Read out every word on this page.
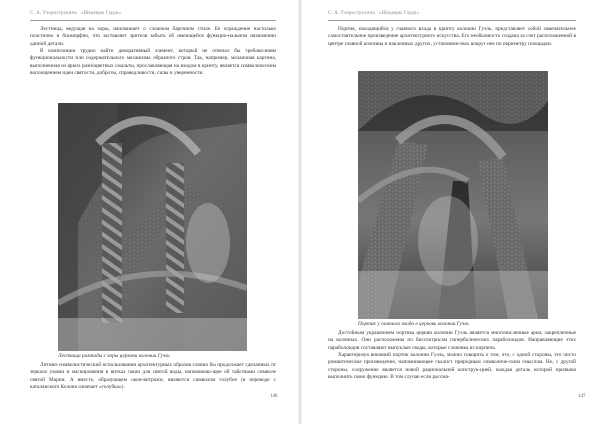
С. А. Уэорострукинъ «Шедевры Гауди»

Лестница, ведущая на хоры, напоминает о сложном барочном стиле. Ее ограждение настолько пластично и биоморфно, что заставляет зрителя забыть об имеющейся функцио-нальном назначении данной детали.

В композиции трудно найти декоративный элемент, который не отвечал бы требова-ниям функциональности или содержательного механизма образного строя. Так, например, мозаичная картина, выполненная из ярких разноцветных смальты, прославляющая на входом в крипту, является символическим воплощением идеи святости, доброты, справедливости, силы и уверенности.

Лестница рампиды с хоры церкови колонии Гуэль

Литино-символистический использовании архитектурных образов словно бы продолжает сделанных от зеркало умами и маскирования в витках чаши для святой воды, напоминаю-щие об тайствами символе святой Марии. А вместе, образующем окон-витражи, являются символом голубое (в переводе с каталанского Колона означает «голубка»).

146
С. А. Уэорострукинъ «Шедевры Гауди»

Портик, находящийся у главного входа в крипту колонии Гуэль, представляет собой замечательное самостоятельное произведение архитектурного искусства. Его необычность создана за счет расположенной в центре главной колонны и наклонных других, установлен-ных вокруг нее по периметру площадки.

Портик у главного входа в церковь колонии Гуэль

Достойным украшением портика церкви колонии Гуэль является многочисленные арки, закрепленные на колоннах. Они расположены по биссектрисам гиперболических параболоидов. Направляющие этих параболоидов составляют выпуклые своды, которые слоновка из кирпича.

Характеризуя внешний портик колонии Гуэль, можно говорить о том, что, с одной стороны, это чисто романтическое произведение, напоминающее скалист природным символиче-ским смыслом. Но, с другой стороны, сооружение является новой рациональной конструк-цией, каждая деталь которой призвана выполнить свою функцию. В том случае если рассма-

147
